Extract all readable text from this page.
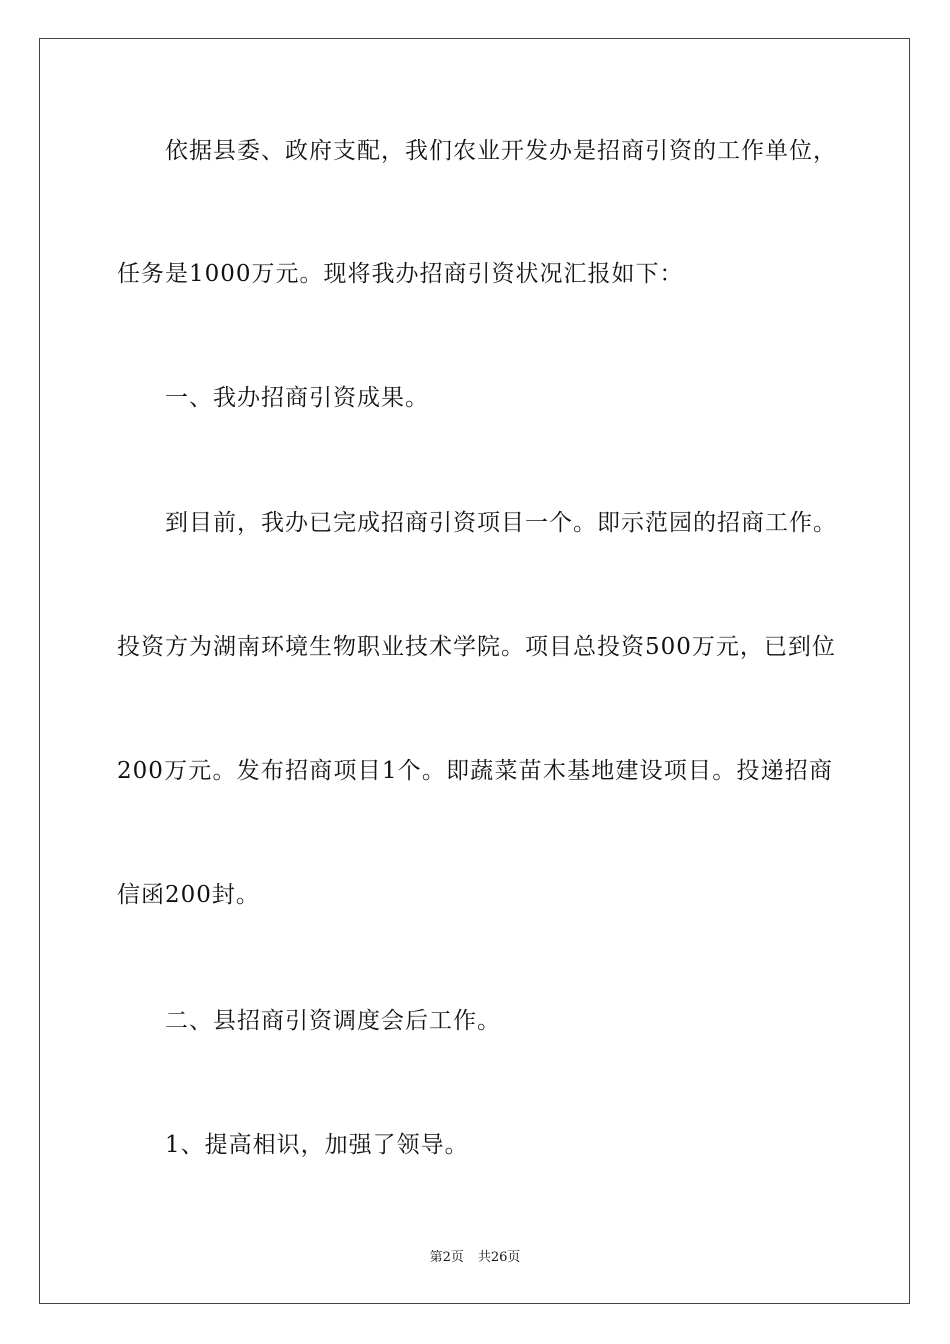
依据县委、政府支配，我们农业开发办是招商引资的工作单位，
任务是1000万元。现将我办招商引资状况汇报如下：
一、我办招商引资成果。
到目前，我办已完成招商引资项目一个。即示范园的招商工作。
投资方为湖南环境生物职业技术学院。项目总投资500万元，已到位
200万元。发布招商项目1个。即蔬菜苗木基地建设项目。投递招商
信函200封。
二、县招商引资调度会后工作。
1、提高相识，加强了领导。
第2页 共26页
